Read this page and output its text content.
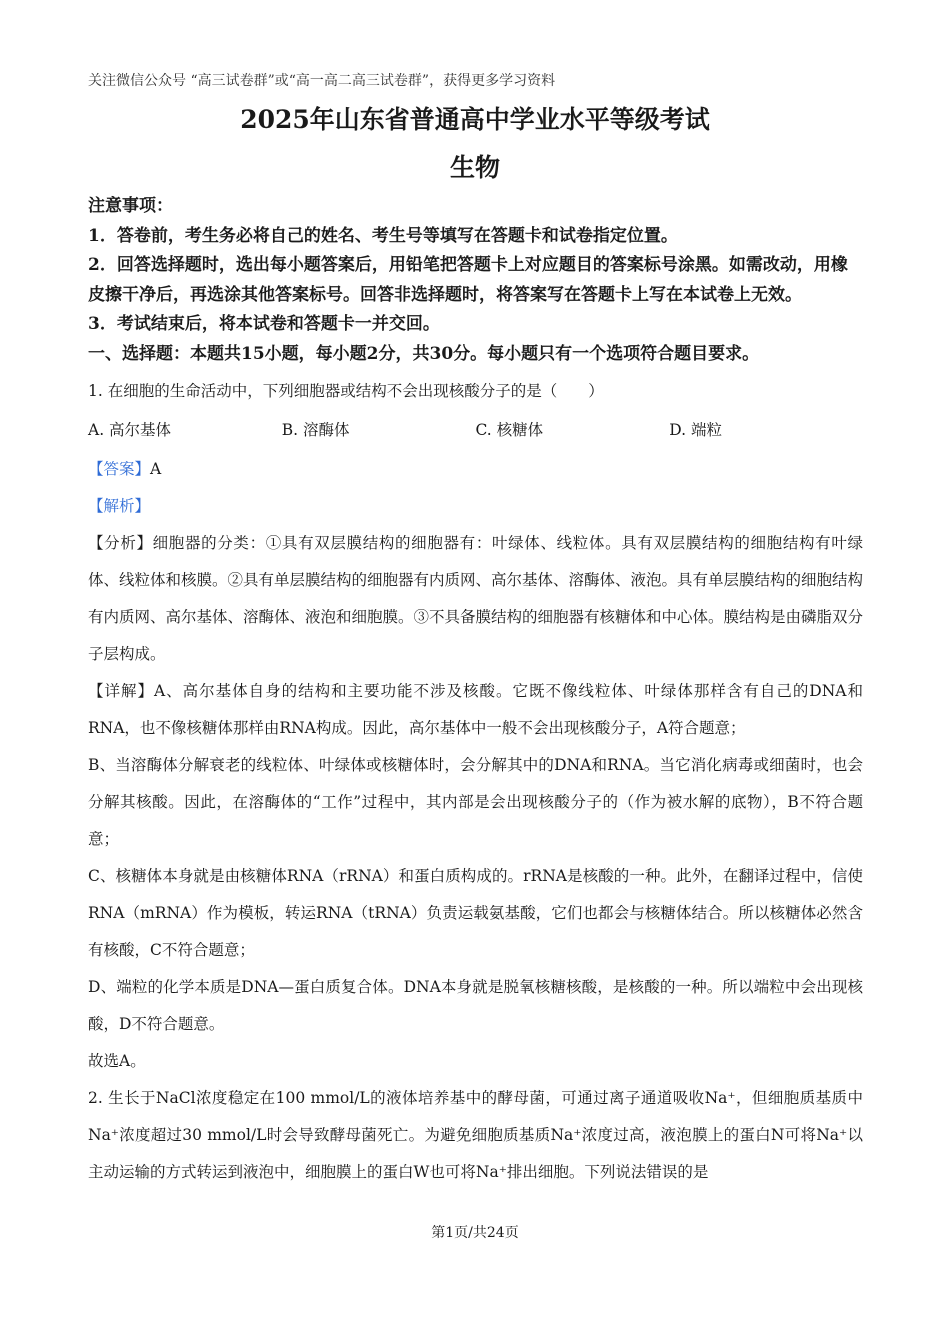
关注微信公众号 “高三试卷群”或“高一高二高三试卷群”，获得更多学习资料
2025年山东省普通高中学业水平等级考试
生物

注意事项：

1．答卷前，考生务必将自己的姓名、考生号等填写在答题卡和试卷指定位置。

2．回答选择题时，选出每小题答案后，用铅笔把答题卡上对应题目的答案标号涂黑。如需改动，用橡皮擦干净后，再选涂其他答案标号。回答非选择题时，将答案写在答题卡上写在本试卷上无效。

3．考试结束后，将本试卷和答题卡一并交回。

一、选择题：本题共15小题，每小题2分，共30分。每小题只有一个选项符合题目要求。

1. 在细胞的生命活动中，下列细胞器或结构不会出现核酸分子的是（　　）

A. 高尔基体	B. 溶酶体	C. 核糖体	D. 端粒

【答案】A

【解析】

【分析】细胞器的分类：①具有双层膜结构的细胞器有：叶绿体、线粒体。具有双层膜结构的细胞结构有叶绿体、线粒体和核膜。②具有单层膜结构的细胞器有内质网、高尔基体、溶酶体、液泡。具有单层膜结构的细胞结构有内质网、高尔基体、溶酶体、液泡和细胞膜。③不具备膜结构的细胞器有核糖体和中心体。膜结构是由磷脂双分子层构成。

【详解】A、高尔基体自身的结构和主要功能不涉及核酸。它既不像线粒体、叶绿体那样含有自己的DNA和RNA，也不像核糖体那样由RNA构成。因此，高尔基体中一般不会出现核酸分子，A符合题意；

B、当溶酶体分解衰老的线粒体、叶绿体或核糖体时，会分解其中的DNA和RNA。当它消化病毒或细菌时，也会分解其核酸。因此，在溶酶体的“工作”过程中，其内部是会出现核酸分子的（作为被水解的底物），B不符合题意；

C、核糖体本身就是由核糖体RNA（rRNA）和蛋白质构成的。rRNA是核酸的一种。此外，在翻译过程中，信使RNA（mRNA）作为模板，转运RNA（tRNA）负责运载氨基酸，它们也都会与核糖体结合。所以核糖体必然含有核酸，C不符合题意；

D、端粒的化学本质是DNA—蛋白质复合体。DNA本身就是脱氧核糖核酸，是核酸的一种。所以端粒中会出现核酸，D不符合题意。

故选A。

2. 生长于NaCl浓度稳定在100 mmol/L的液体培养基中的酵母菌，可通过离子通道吸收Na⁺，但细胞质基质中Na⁺浓度超过30 mmol/L时会导致酵母菌死亡。为避免细胞质基质Na⁺浓度过高，液泡膜上的蛋白N可将Na⁺以主动运输的方式转运到液泡中，细胞膜上的蛋白W也可将Na⁺排出细胞。下列说法错误的是

第1页/共24页
